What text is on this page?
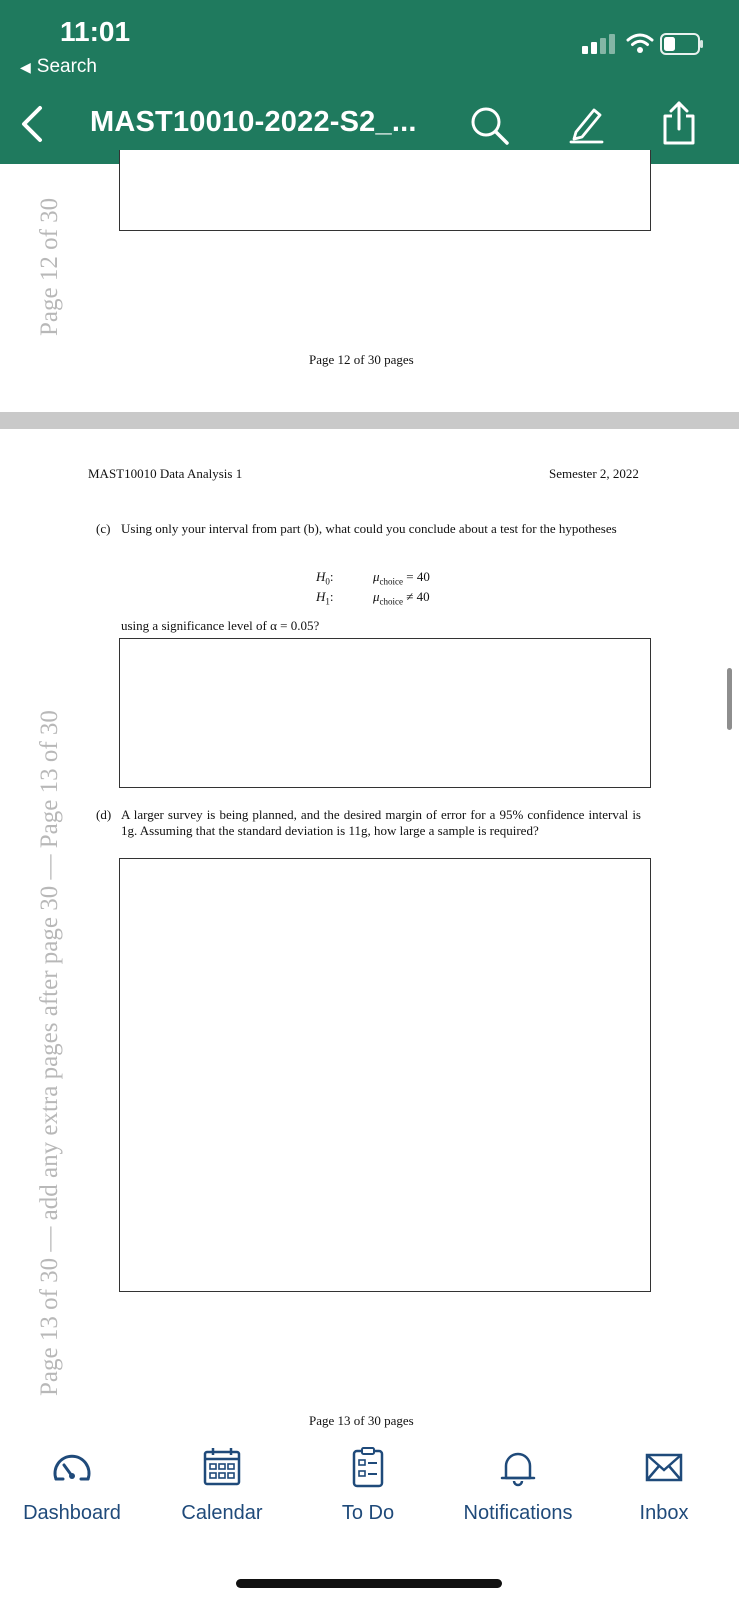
11:01
◀ Search
MAST10010-2022-S2_...
Page 12 of 30
Page 12 of 30 pages
Page 13 of 30 — add any extra pages after page 30 — Page 13 of 30
MAST10010 Data Analysis 1	Semester 2, 2022
(c) Using only your interval from part (b), what could you conclude about a test for the hypotheses
$H_0$:	$\mu_{choice} = 40$
$H_1$:	$\mu_{choice} \ne 40$
using a significance level of α = 0.05?
(d) A larger survey is being planned, and the desired margin of error for a 95% confidence interval is 1g. Assuming that the standard deviation is 11g, how large a sample is required?
Page 13 of 30 pages
Dashboard	Calendar	To Do	Notifications	Inbox
